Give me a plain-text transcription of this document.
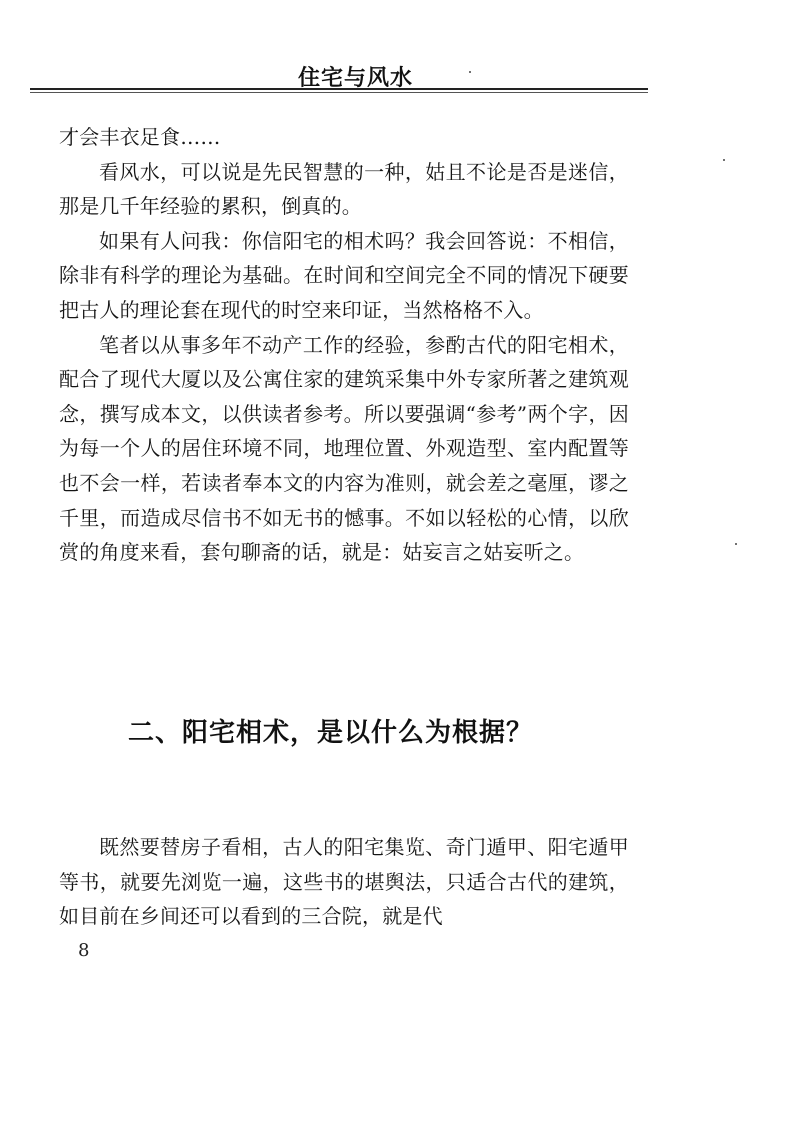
住宅与风水

才会丰衣足食……

看风水，可以说是先民智慧的一种，姑且不论是否是迷信，那是几千年经验的累积，倒真的。

如果有人问我：你信阳宅的相术吗？我会回答说：不相信，除非有科学的理论为基础。在时间和空间完全不同的情况下硬要把古人的理论套在现代的时空来印证，当然格格不入。

笔者以从事多年不动产工作的经验，参酌古代的阳宅相术，配合了现代大厦以及公寓住家的建筑采集中外专家所著之建筑观念，撰写成本文，以供读者参考。所以要强调“参考”两个字，因为每一个人的居住环境不同，地理位置、外观造型、室内配置等也不会一样，若读者奉本文的内容为准则，就会差之毫厘，谬之千里，而造成尽信书不如无书的憾事。不如以轻松的心情，以欣赏的角度来看，套句聊斋的话，就是：姑妄言之姑妄听之。

二、阳宅相术，是以什么为根据？

既然要替房子看相，古人的阳宅集览、奇门遁甲、阳宅遁甲等书，就要先浏览一遍，这些书的堪舆法，只适合古代的建筑，如目前在乡间还可以看到的三合院，就是代

8
